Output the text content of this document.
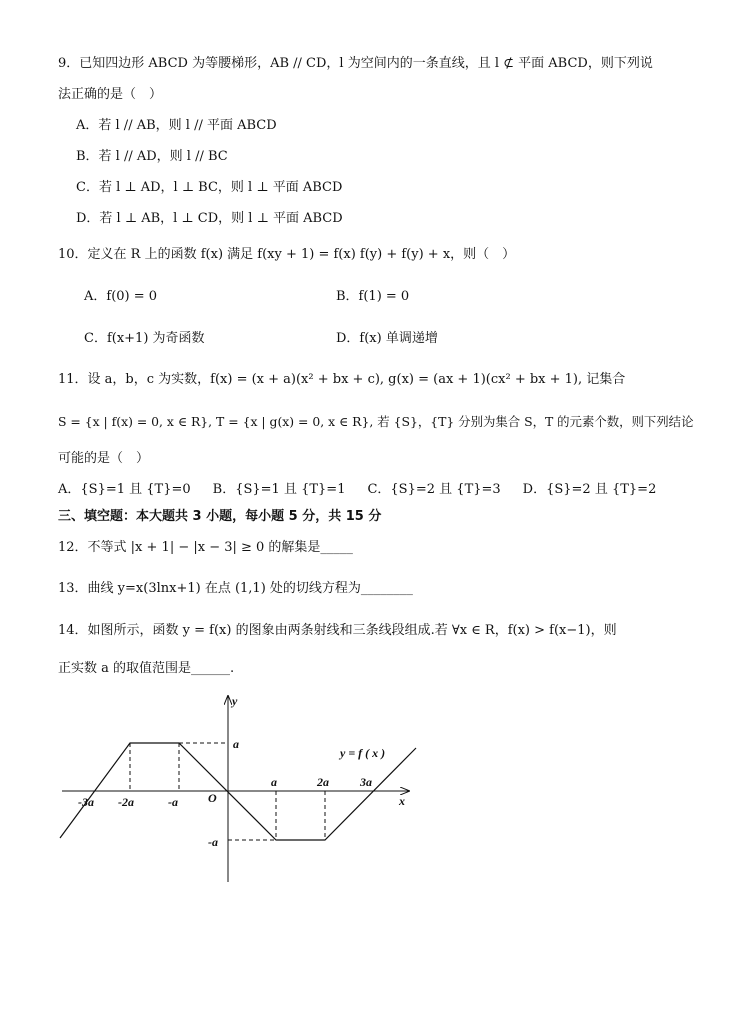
9．已知四边形 ABCD 为等腰梯形，AB // CD，l 为空间内的一条直线，且 l ⊄ 平面 ABCD，则下列说
法正确的是（　）
A．若 l // AB，则 l // 平面 ABCD
B．若 l // AD，则 l // BC
C．若 l ⊥ AD，l ⊥ BC，则 l ⊥ 平面 ABCD
D．若 l ⊥ AB，l ⊥ CD，则 l ⊥ 平面 ABCD
10．定义在 R 上的函数 f(x) 满足 f(xy + 1) = f(x) f(y) + f(y) + x，则（　）
A．f(0) = 0	B．f(1) = 0
C．f(x+1) 为奇函数	D．f(x) 单调递增
11．设 a，b，c 为实数，f(x) = (x + a)(x² + bx + c), g(x) = (ax + 1)(cx² + bx + 1), 记集合
S = {x | f(x) = 0, x ∈ R}, T = {x | g(x) = 0, x ∈ R}, 若 {S}，{T} 分别为集合 S，T 的元素个数，则下列结论
可能的是（　）
A．{S}=1 且 {T}=0 B．{S}=1 且 {T}=1 C．{S}=2 且 {T}=3 D．{S}=2 且 {T}=2
三、填空题：本大题共 3 小题，每小题 5 分，共 15 分
12．不等式 |x + 1| − |x − 3| ≥ 0 的解集是_____
13．曲线 y=x(3lnx+1) 在点 (1,1) 处的切线方程为________
14．如图所示，函数 y = f(x) 的图象由两条射线和三条线段组成.若 ∀x ∈ R，f(x) > f(x−1)，则
正实数 a 的取值范围是______.
y
x
O
y = f ( x )
a
-a
-3a -2a	-a
a	2a	3a
